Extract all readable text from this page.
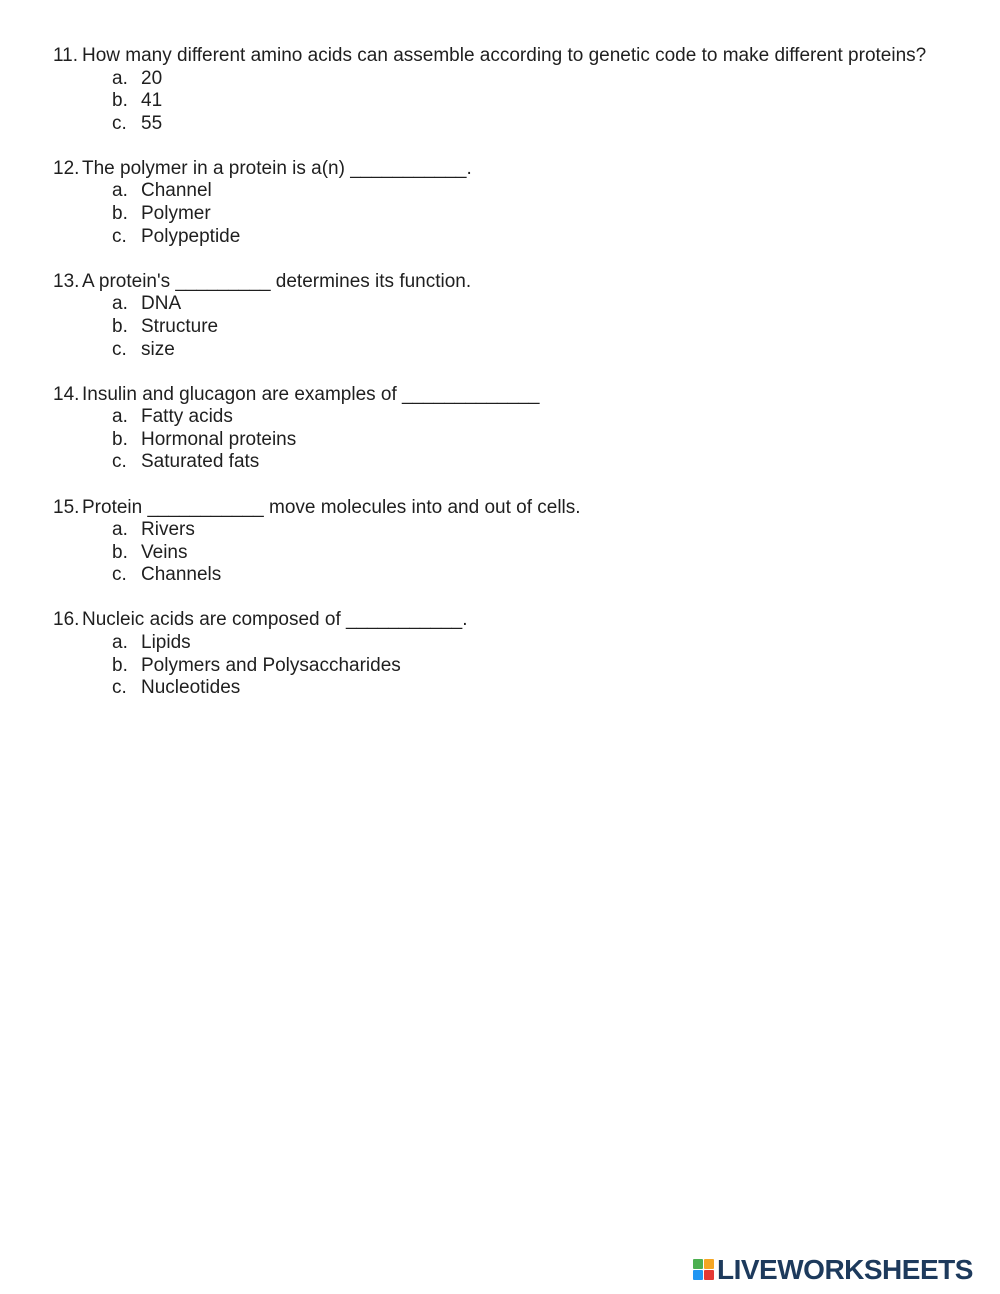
11. How many different amino acids can assemble according to genetic code to make different proteins?
a. 20
b. 41
c. 55
12. The polymer in a protein is a(n) ___________.
a. Channel
b. Polymer
c. Polypeptide
13. A protein's _________ determines its function.
a. DNA
b. Structure
c. size
14. Insulin and glucagon are examples of _____________
a. Fatty acids
b. Hormonal proteins
c. Saturated fats
15. Protein ___________ move molecules into and out of cells.
a. Rivers
b. Veins
c. Channels
16. Nucleic acids are composed of ___________.
a. Lipids
b. Polymers and Polysaccharides
c. Nucleotides
LIVEWORKSHEETS
